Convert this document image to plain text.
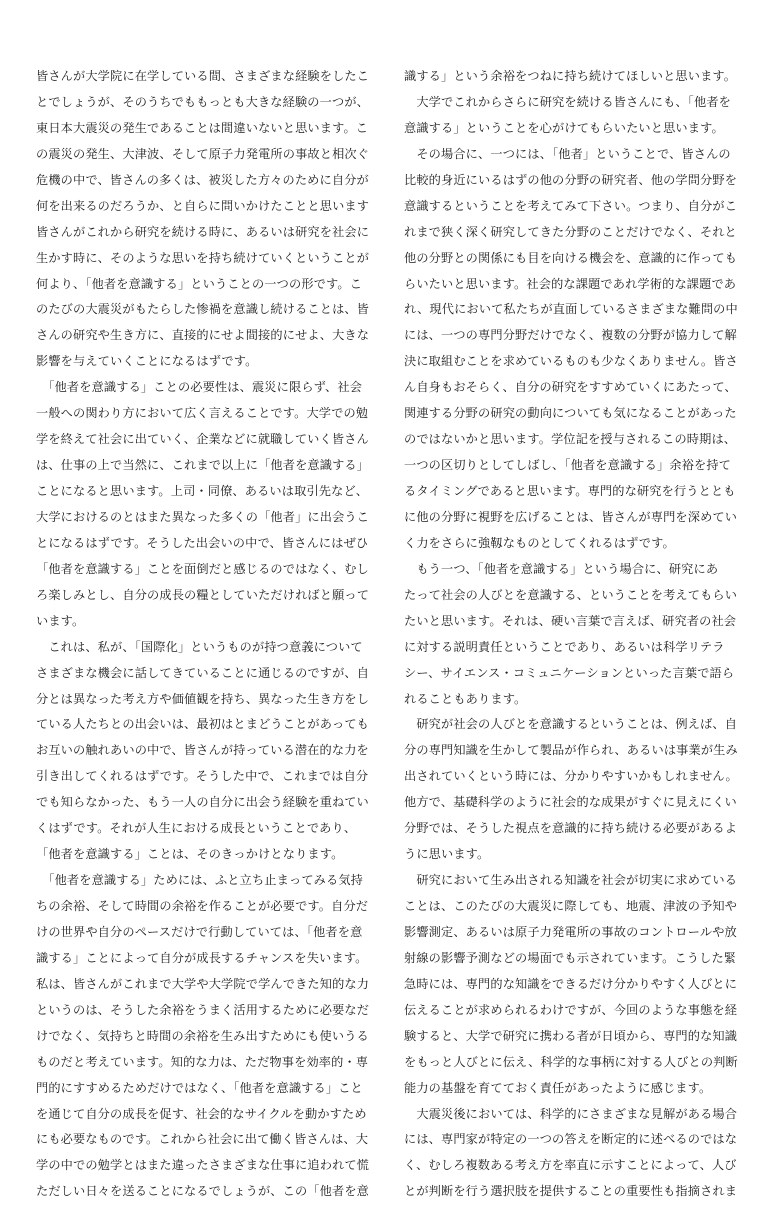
皆さんが大学院に在学している間、さまざまな経験をしたこ
とでしょうが、そのうちでももっとも大きな経験の一つが、
東日本大震災の発生であることは間違いないと思います。こ
の震災の発生、大津波、そして原子力発電所の事故と相次ぐ
危機の中で、皆さんの多くは、被災した方々のために自分が
何を出来るのだろうか、と自らに問いかけたことと思います
皆さんがこれから研究を続ける時に、あるいは研究を社会に
生かす時に、そのような思いを持ち続けていくということが
何より、「他者を意識する」ということの一つの形です。こ
のたびの大震災がもたらした惨禍を意識し続けることは、皆
さんの研究や生き方に、直接的にせよ間接的にせよ、大きな
影響を与えていくことになるはずです。
　「他者を意識する」ことの必要性は、震災に限らず、社会
一般への関わり方において広く言えることです。大学での勉
学を終えて社会に出ていく、企業などに就職していく皆さん
は、仕事の上で当然に、これまで以上に「他者を意識する」
ことになると思います。上司・同僚、あるいは取引先など、
大学におけるのとはまた異なった多くの「他者」に出会うこ
とになるはずです。そうした出会いの中で、皆さんにはぜひ
「他者を意識する」ことを面倒だと感じるのではなく、むし
ろ楽しみとし、自分の成長の糧としていただければと願って
います。
　これは、私が、「国際化」というものが持つ意義について
さまざまな機会に話してきていることに通じるのですが、自
分とは異なった考え方や価値観を持ち、異なった生き方をし
ている人たちとの出会いは、最初はとまどうことがあっても
お互いの触れあいの中で、皆さんが持っている潜在的な力を
引き出してくれるはずです。そうした中で、これまでは自分
でも知らなかった、もう一人の自分に出会う経験を重ねてい
くはずです。それが人生における成長ということであり、
「他者を意識する」ことは、そのきっかけとなります。
　「他者を意識する」ためには、ふと立ち止まってみる気持
ちの余裕、そして時間の余裕を作ることが必要です。自分だ
けの世界や自分のペースだけで行動していては、「他者を意
識する」ことによって自分が成長するチャンスを失います。
私は、皆さんがこれまで大学や大学院で学んできた知的な力
というのは、そうした余裕をうまく活用するために必要なだ
けでなく、気持ちと時間の余裕を生み出すためにも使いうる
ものだと考えています。知的な力は、ただ物事を効率的・専
門的にすすめるためだけではなく、「他者を意識する」こと
を通じて自分の成長を促す、社会的なサイクルを動かすため
にも必要なものです。これから社会に出て働く皆さんは、大
学の中での勉学とはまた違ったさまざまな仕事に追われて慌
ただしい日々を送ることになるでしょうが、この「他者を意
識する」という余裕をつねに持ち続けてほしいと思います。
　大学でこれからさらに研究を続ける皆さんにも、「他者を
意識する」ということを心がけてもらいたいと思います。
　その場合に、一つには、「他者」ということで、皆さんの
比較的身近にいるはずの他の分野の研究者、他の学問分野を
意識するということを考えてみて下さい。つまり、自分がこ
れまで狭く深く研究してきた分野のことだけでなく、それと
他の分野との関係にも目を向ける機会を、意識的に作っても
らいたいと思います。社会的な課題であれ学術的な課題であ
れ、現代において私たちが直面しているさまざまな難問の中
には、一つの専門分野だけでなく、複数の分野が協力して解
決に取組むことを求めているものも少なくありません。皆さ
ん自身もおそらく、自分の研究をすすめていくにあたって、
関連する分野の研究の動向についても気になることがあった
のではないかと思います。学位記を授与されるこの時期は、
一つの区切りとしてしばし、「他者を意識する」余裕を持て
るタイミングであると思います。専門的な研究を行うととも
に他の分野に視野を広げることは、皆さんが専門を深めてい
く力をさらに強靱なものとしてくれるはずです。
　もう一つ、「他者を意識する」という場合に、研究にあ
たって社会の人びとを意識する、ということを考えてもらい
たいと思います。それは、硬い言葉で言えば、研究者の社会
に対する説明責任ということであり、あるいは科学リテラ
シー、サイエンス・コミュニケーションといった言葉で語ら
れることもあります。
　研究が社会の人びとを意識するということは、例えば、自
分の専門知識を生かして製品が作られ、あるいは事業が生み
出されていくという時には、分かりやすいかもしれません。
他方で、基礎科学のように社会的な成果がすぐに見えにくい
分野では、そうした視点を意識的に持ち続ける必要があるよ
うに思います。
　研究において生み出される知識を社会が切実に求めている
ことは、このたびの大震災に際しても、地震、津波の予知や
影響測定、あるいは原子力発電所の事故のコントロールや放
射線の影響予測などの場面でも示されています。こうした緊
急時には、専門的な知識をできるだけ分かりやすく人びとに
伝えることが求められるわけですが、今回のような事態を経
験すると、大学で研究に携わる者が日頃から、専門的な知識
をもっと人びとに伝え、科学的な事柄に対する人びとの判断
能力の基盤を育てておく責任があったように感じます。
　大震災後においては、科学的にさまざまな見解がある場合
には、専門家が特定の一つの答えを断定的に述べるのではな
く、むしろ複数ある考え方を率直に示すことによって、人び
とが判断を行う選択肢を提供することの重要性も指摘されま
